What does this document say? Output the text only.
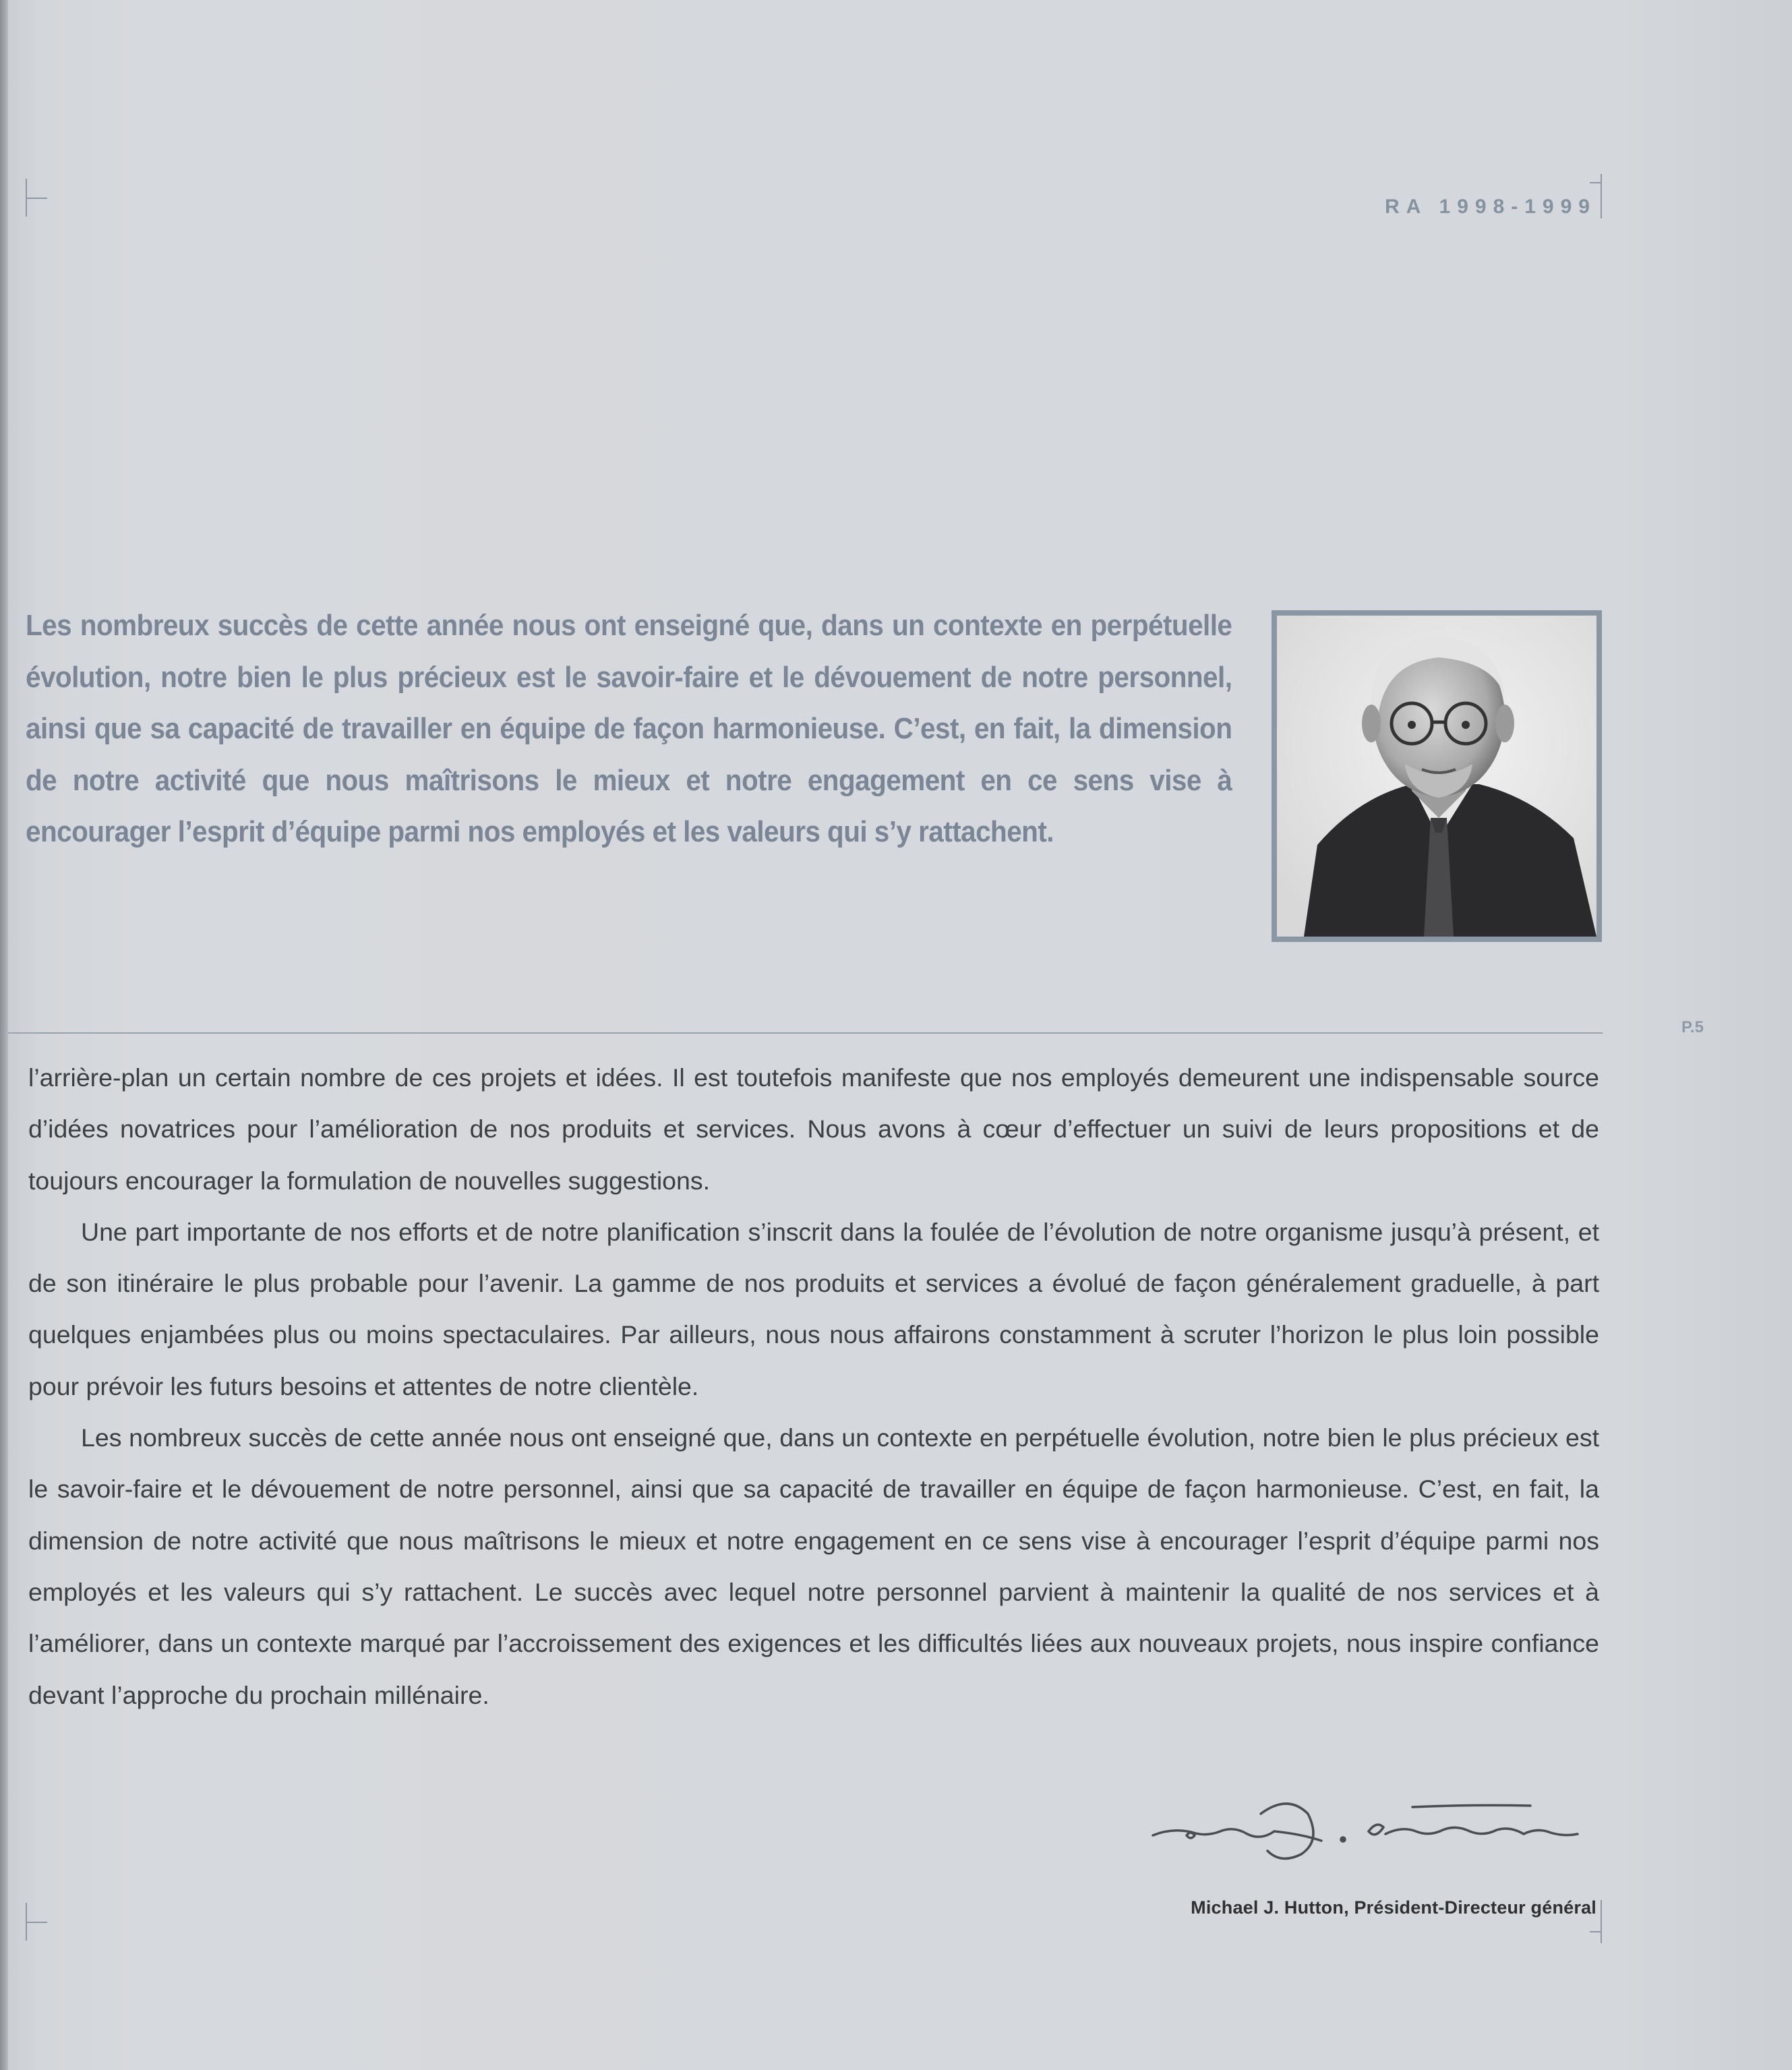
RA 1998-1999
Les nombreux succès de cette année nous ont enseigné que, dans un contexte en perpétuelle évolution, notre bien le plus précieux est le savoir-faire et le dévouement de notre personnel, ainsi que sa capacité de travailler en équipe de façon harmonieuse. C’est, en fait, la dimension de notre activité que nous maîtrisons le mieux et notre engagement en ce sens vise à encourager l’esprit d’équipe parmi nos employés et les valeurs qui s’y rattachent.
P.5

l’arrière-plan un certain nombre de ces projets et idées. Il est toutefois manifeste que nos employés demeurent une indispensable source d’idées novatrices pour l’amélioration de nos produits et services. Nous avons à cœur d’effectuer un suivi de leurs propositions et de toujours encourager la formulation de nouvelles suggestions.

Une part importante de nos efforts et de notre planification s’inscrit dans la foulée de l’évolution de notre organisme jusqu’à présent, et de son itinéraire le plus probable pour l’avenir. La gamme de nos produits et services a évolué de façon généralement graduelle, à part quelques enjambées plus ou moins spectaculaires. Par ailleurs, nous nous affairons constamment à scruter l’horizon le plus loin possible pour prévoir les futurs besoins et attentes de notre clientèle.

Les nombreux succès de cette année nous ont enseigné que, dans un contexte en perpétuelle évolution, notre bien le plus précieux est le savoir-faire et le dévouement de notre personnel, ainsi que sa capacité de travailler en équipe de façon harmonieuse. C’est, en fait, la dimension de notre activité que nous maîtrisons le mieux et notre engagement en ce sens vise à encourager l’esprit d’équipe parmi nos employés et les valeurs qui s’y rattachent. Le succès avec lequel notre personnel parvient à maintenir la qualité de nos services et à l’améliorer, dans un contexte marqué par l’accroissement des exigences et les difficultés liées aux nouveaux projets, nous inspire confiance devant l’approche du prochain millénaire.

Michael J. Hutton, Président-Directeur général
